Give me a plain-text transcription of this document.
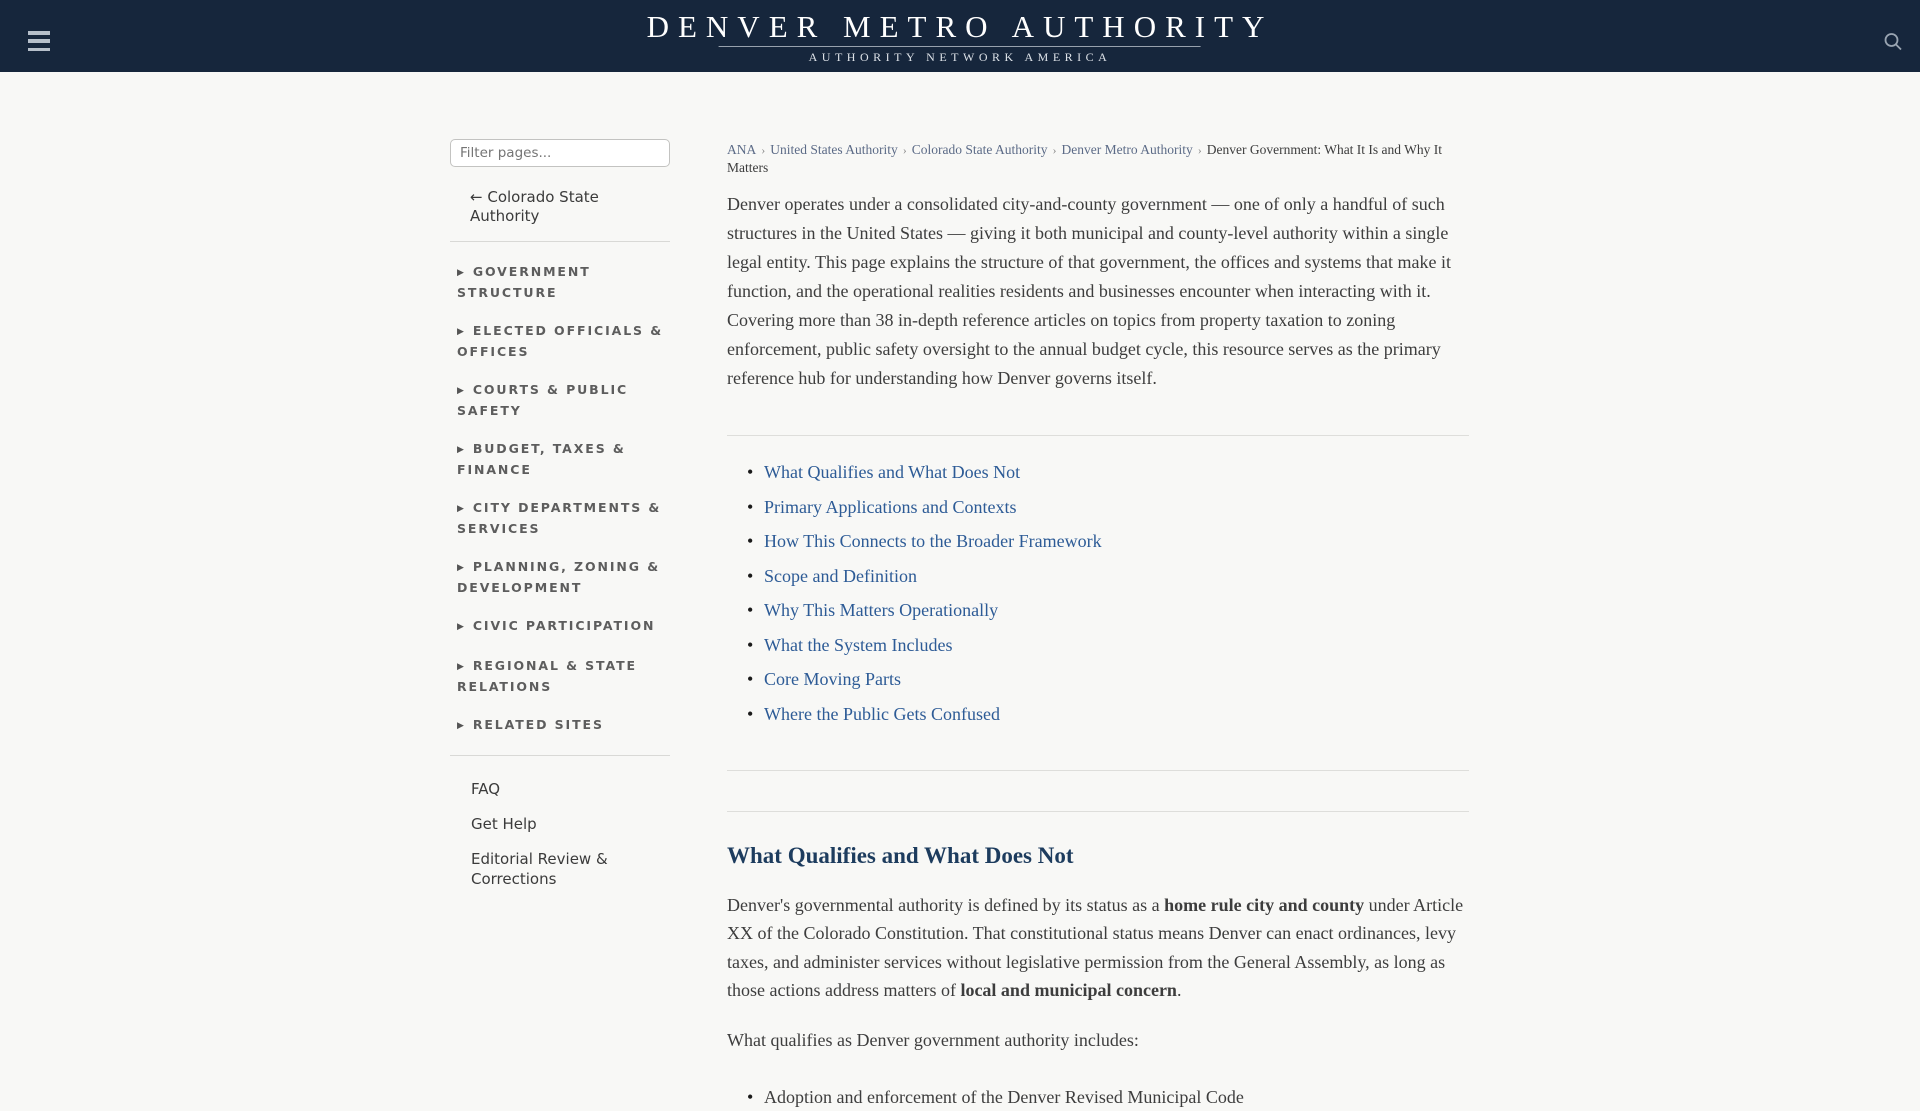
DENVER METRO AUTHORITY
AUTHORITY NETWORK AMERICA
Filter pages...
← Colorado State Authority
▶ GOVERNMENT STRUCTURE
▶ ELECTED OFFICIALS & OFFICES
▶ COURTS & PUBLIC SAFETY
▶ BUDGET, TAXES & FINANCE
▶ CITY DEPARTMENTS & SERVICES
▶ PLANNING, ZONING & DEVELOPMENT
▶ CIVIC PARTICIPATION
▶ REGIONAL & STATE RELATIONS
▶ RELATED SITES
FAQ
Get Help
Editorial Review & Corrections
ANA › United States Authority › Colorado State Authority › Denver Metro Authority › Denver Government: What It Is and Why It Matters

Denver operates under a consolidated city-and-county government — one of only a handful of such structures in the United States — giving it both municipal and county-level authority within a single legal entity. This page explains the structure of that government, the offices and systems that make it function, and the operational realities residents and businesses encounter when interacting with it. Covering more than 38 in-depth reference articles on topics from property taxation to zoning enforcement, public safety oversight to the annual budget cycle, this resource serves as the primary reference hub for understanding how Denver governs itself.

• What Qualifies and What Does Not
• Primary Applications and Contexts
• How This Connects to the Broader Framework
• Scope and Definition
• Why This Matters Operationally
• What the System Includes
• Core Moving Parts
• Where the Public Gets Confused
What Qualifies and What Does Not

Denver's governmental authority is defined by its status as a home rule city and county under Article XX of the Colorado Constitution. That constitutional status means Denver can enact ordinances, levy taxes, and administer services without legislative permission from the General Assembly, as long as those actions address matters of local and municipal concern.

What qualifies as Denver government authority includes:

• Adoption and enforcement of the Denver Revised Municipal Code
